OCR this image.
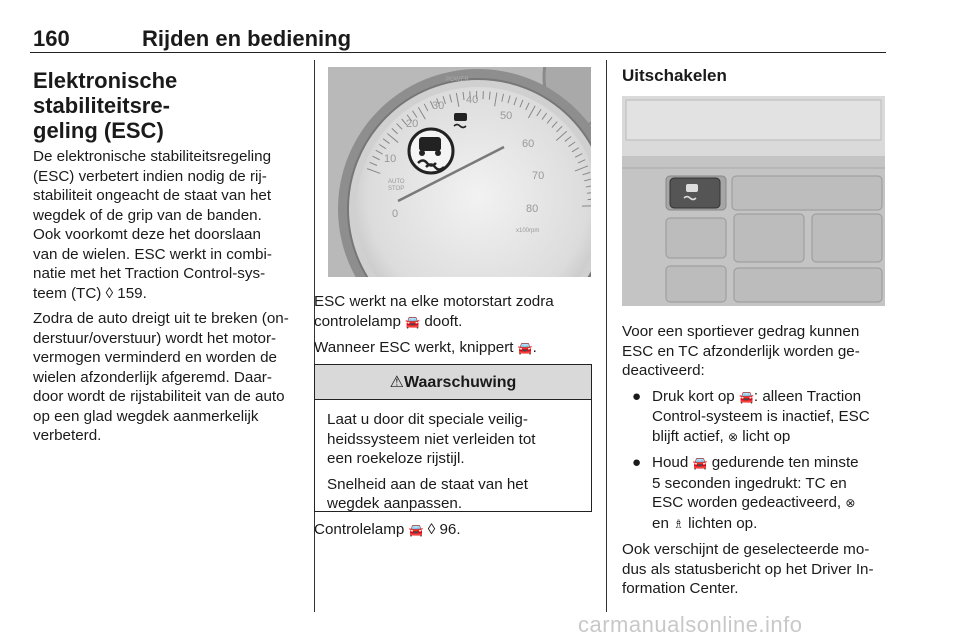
160	Rijden en bediening
Elektronische stabiliteitsre-
geling (ESC)

De elektronische stabiliteitsregeling
(ESC) verbetert indien nodig de rij-
stabiliteit ongeacht de staat van het
wegdek of de grip van de banden.
Ook voorkomt deze het doorslaan
van de wielen. ESC werkt in combi-
natie met het Traction Control-sys-
teem (TC) ◊ 159.

Zodra de auto dreigt uit te breken (on-
derstuur/overstuur) wordt het motor-
vermogen verminderd en worden de
wielen afzonderlijk afgeremd. Daar-
door wordt de rijstabiliteit van de auto
op een glad wegdek aanmerkelijk
verbeterd.

0
10
20
30 40
50
60
70
80
AUTO
STOP
x100rpm
POWER

ESC werkt na elke motorstart zodra
controlelamp 🚘 dooft.

Wanneer ESC werkt, knippert 🚘.

⚠Waarschuwing

Laat u door dit speciale veilig-
heidssysteem niet verleiden tot
een roekeloze rijstijl.

Snelheid aan de staat van het
wegdek aanpassen.

Controlelamp 🚘 ◊ 96.

Uitschakelen

Voor een sportiever gedrag kunnen
ESC en TC afzonderlijk worden ge-
deactiveerd:

● Druk kort op 🚘: alleen Traction
Control-systeem is inactief, ESC
blijft actief, ⊗ licht op
● Houd 🚘 gedurende ten minste
5 seconden ingedrukt: TC en
ESC worden gedeactiveerd, ⊗
en ♗ lichten op.

Ook verschijnt de geselecteerde mo-
dus als statusbericht op het Driver In-
formation Center.

carmanualsonline.info
